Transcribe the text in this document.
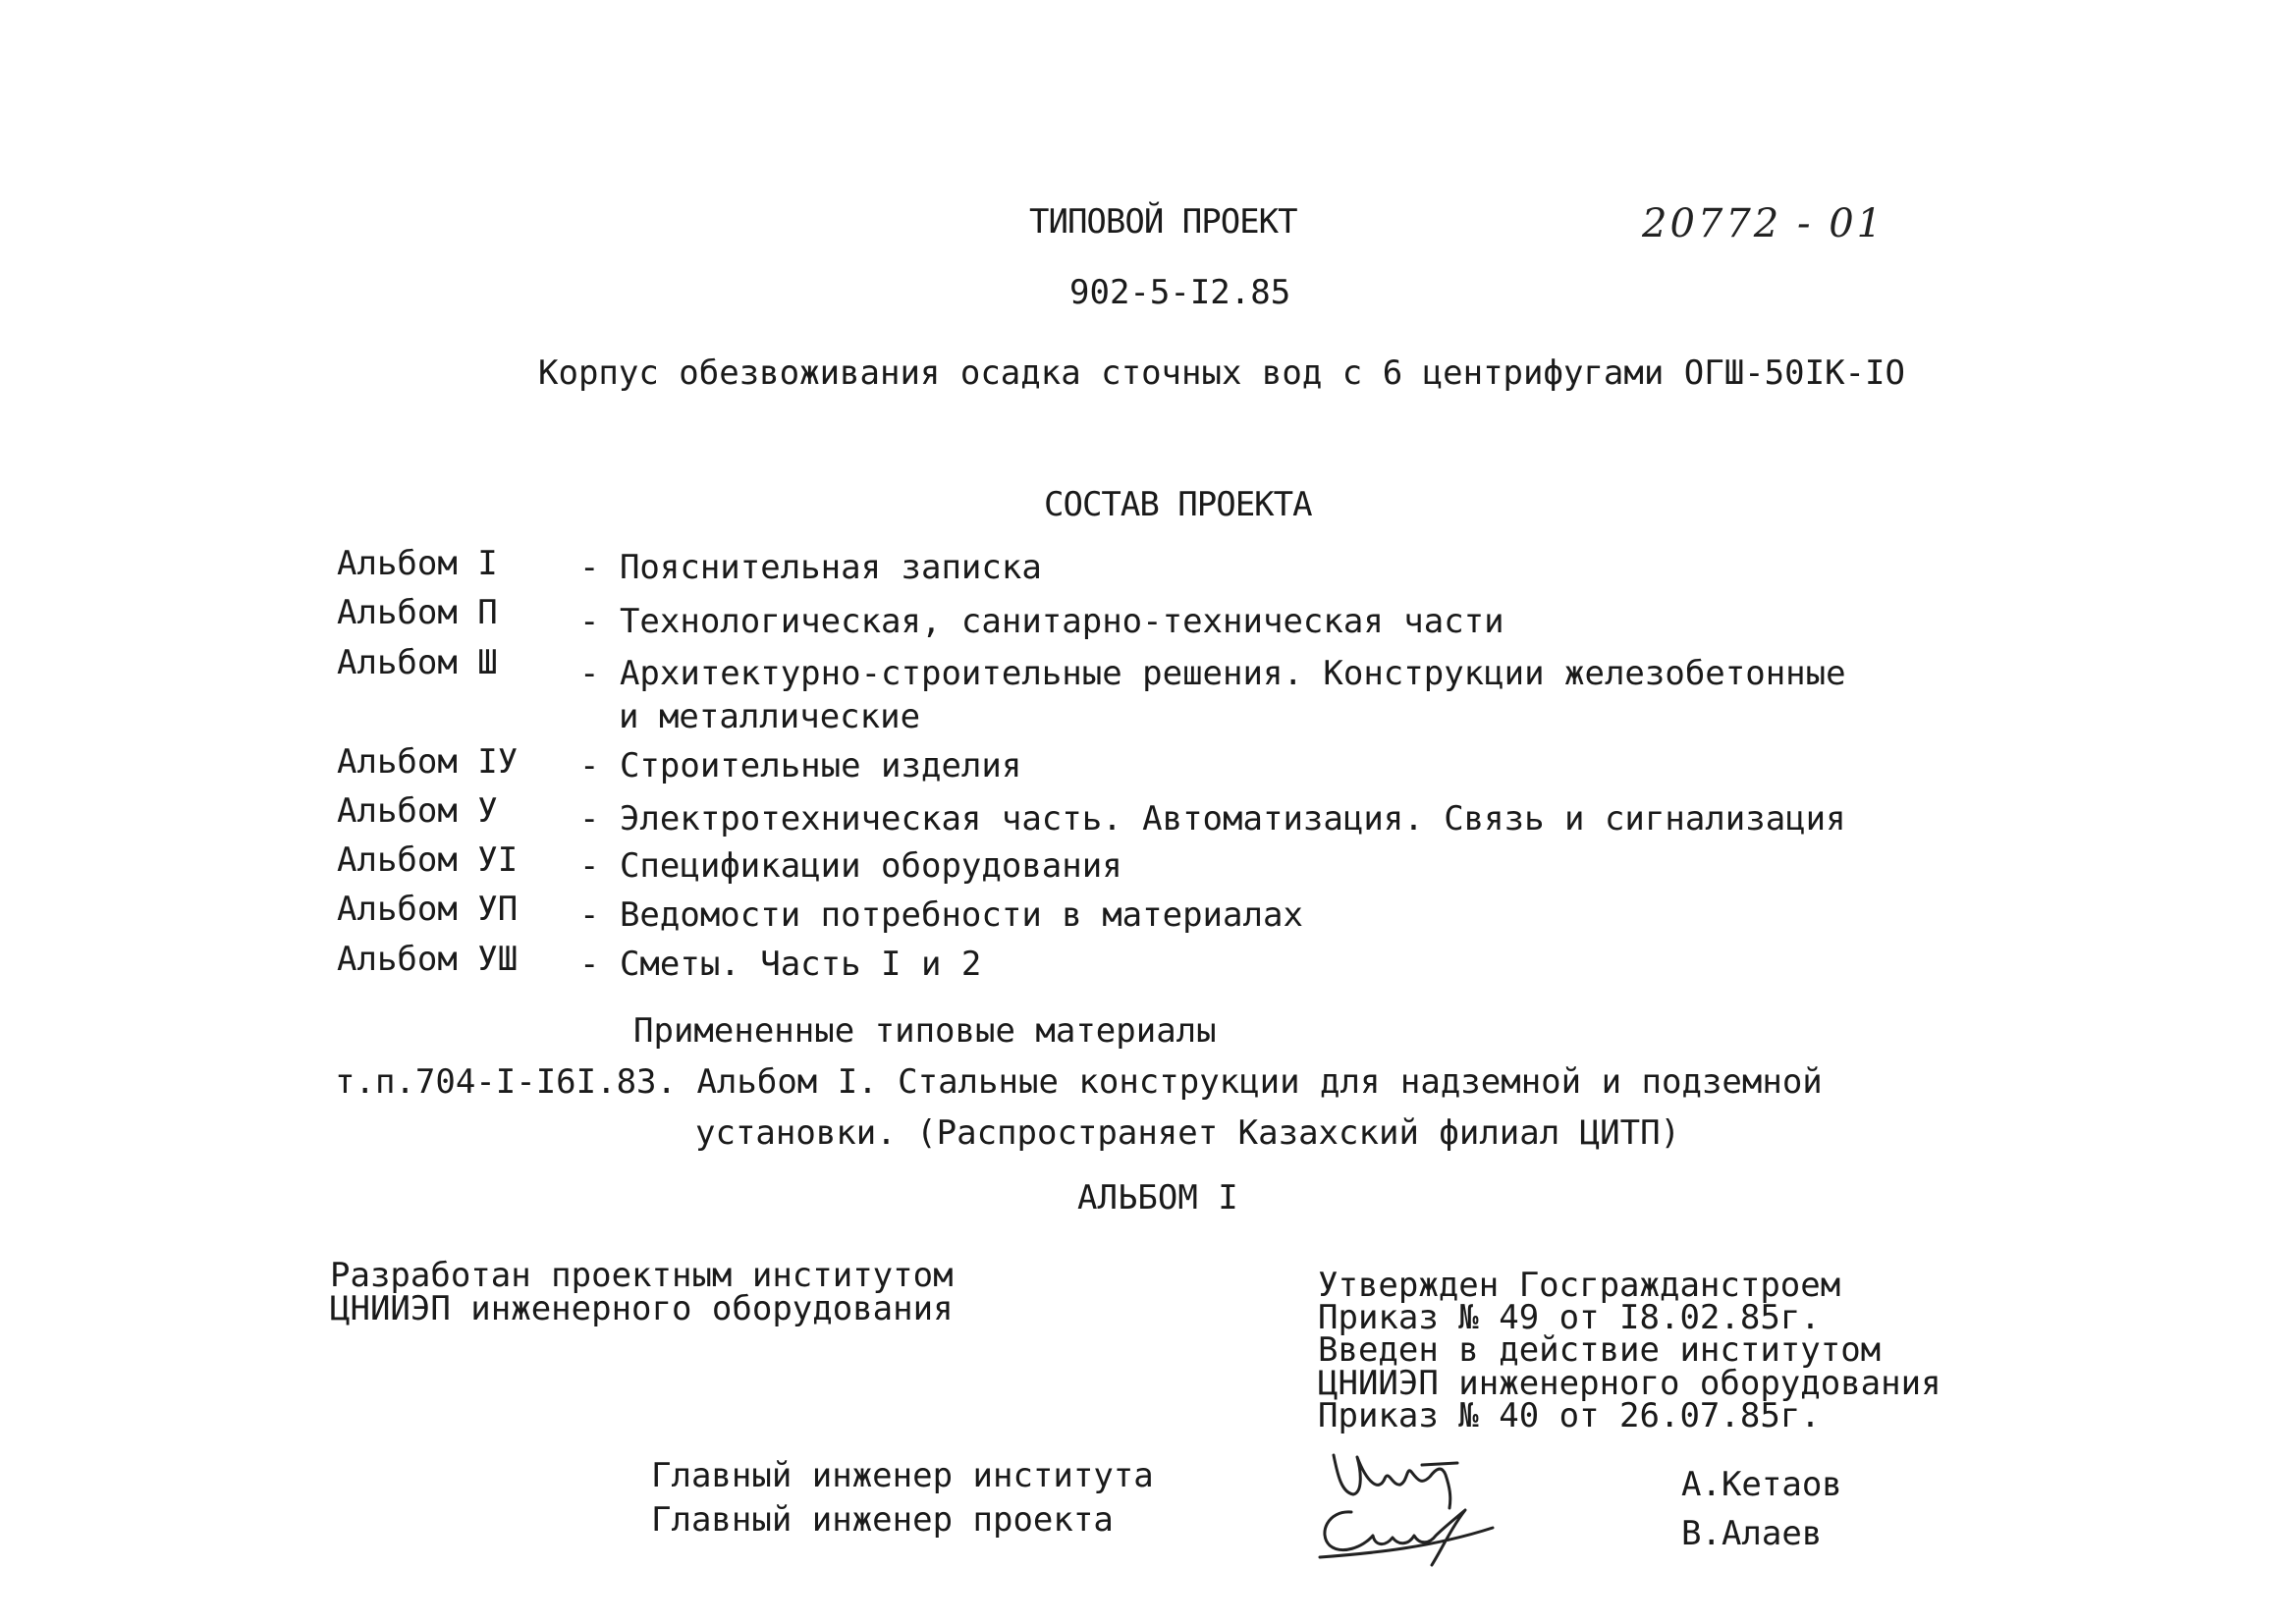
ТИПОВОЙ ПРОЕКТ	20772 - 01
902-5-I2.85
Корпус обезвоживания осадка сточных вод с 6 центрифугами ОГШ-50IК-IО
СОСТАВ ПРОЕКТА
Альбом I - Пояснительная записка
Альбом П - Технологическая, санитарно-техническая части
Альбом Ш - Архитектурно-строительные решения. Конструкции железобетонные
и металлические
Альбом IУ - Строительные изделия
Альбом У - Электротехническая часть. Автоматизация. Связь и сигнализация
Альбом УI - Спецификации оборудования
Альбом УП - Ведомости потребности в материалах
Альбом УШ - Сметы. Часть I и 2
Примененные типовые материалы
т.п.704-I-I6I.83. Альбом I. Стальные конструкции для надземной и подземной
установки. (Распространяет Казахский филиал ЦИТП)
АЛЬБОМ I
Разработан проектным институтом
ЦНИИЭП инженерного оборудования
Утвержден Госгражданстроем
Приказ № 49 от I8.02.85г.
Введен в действие институтом
ЦНИИЭП инженерного оборудования
Приказ № 40 от 26.07.85г.
Главный инженер института
Главный инженер проекта
А.Кетаов
В.Алаев
